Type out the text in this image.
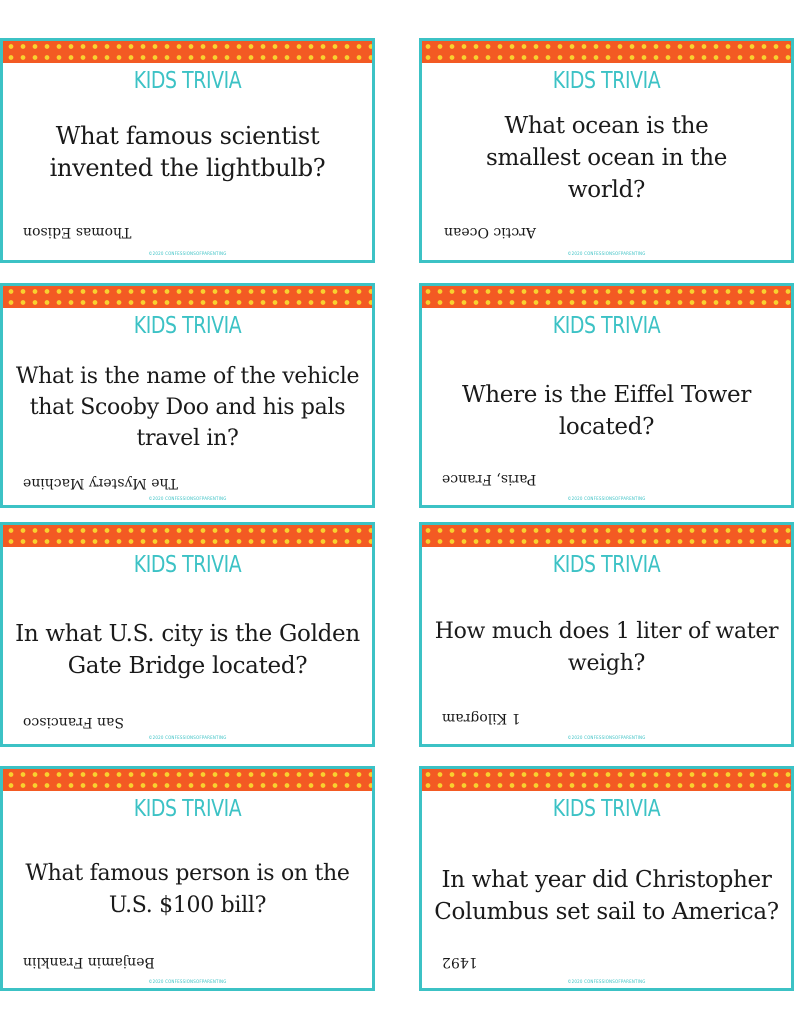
KIDS TRIVIA
What famous scientist invented the lightbulb?
Thomas Edison
©2020 CONFESSIONSOFPARENTING
KIDS TRIVIA
What ocean is the smallest ocean in the world?
Arctic Ocean
©2020 CONFESSIONSOFPARENTING
KIDS TRIVIA
What is the name of the vehicle that Scooby Doo and his pals travel in?
The Mystery Machine
©2020 CONFESSIONSOFPARENTING
KIDS TRIVIA
Where is the Eiffel Tower located?
Paris, France
©2020 CONFESSIONSOFPARENTING
KIDS TRIVIA
In what U.S. city is the Golden Gate Bridge located?
San Francisco
©2020 CONFESSIONSOFPARENTING
KIDS TRIVIA
How much does 1 liter of water weigh?
1 Kilogram
©2020 CONFESSIONSOFPARENTING
KIDS TRIVIA
What famous person is on the U.S. $100 bill?
Benjamin Franklin
©2020 CONFESSIONSOFPARENTING
KIDS TRIVIA
In what year did Christopher Columbus set sail to America?
1492
©2020 CONFESSIONSOFPARENTING
